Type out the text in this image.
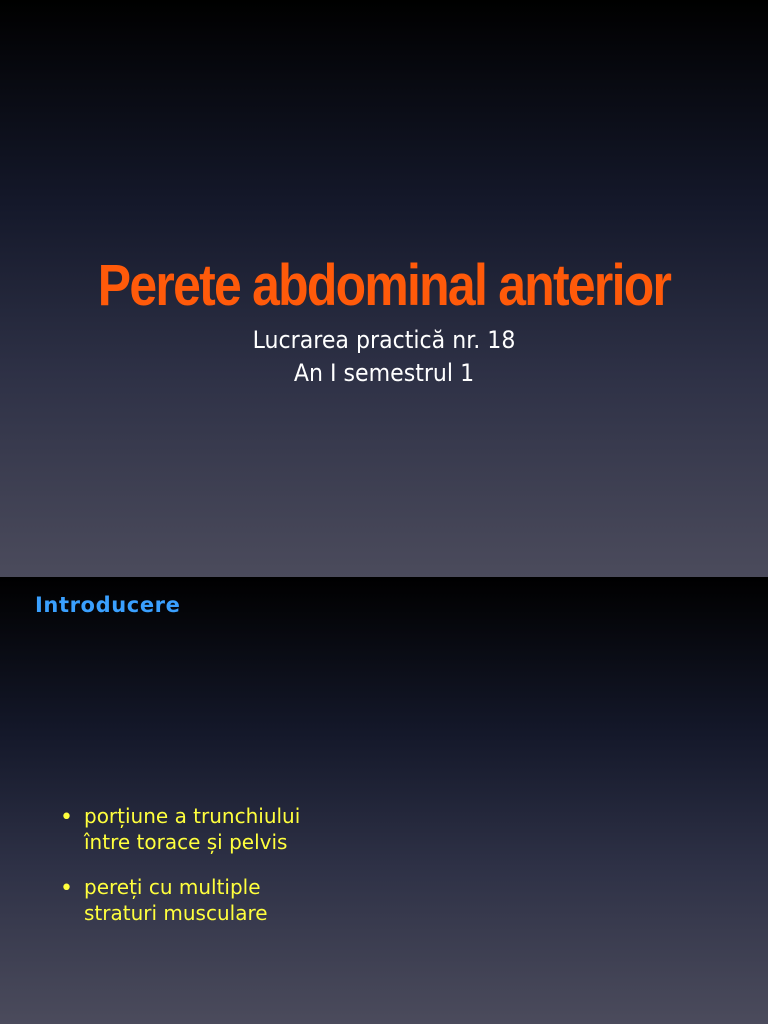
Perete abdominal anterior
Lucrarea practică nr. 18
An I semestrul 1
Introducere
• porțiune a trunchiului
între torace și pelvis
• pereți cu multiple
straturi musculare
